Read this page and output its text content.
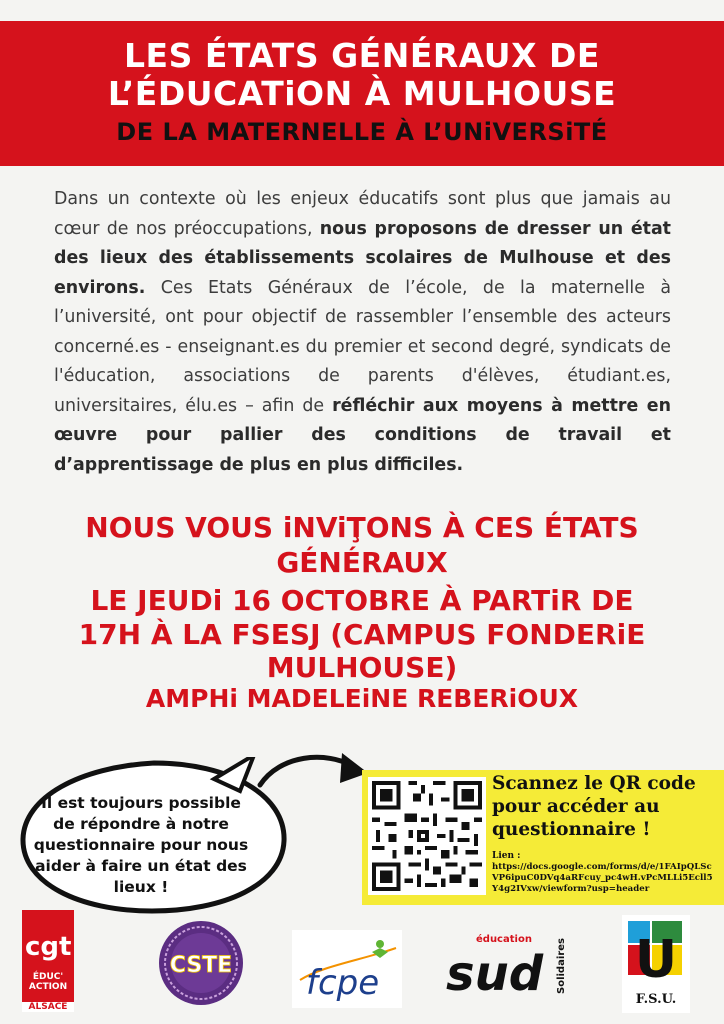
LES ÉTATS GÉNÉRAUX DE
L’ÉDUCATiON À MULHOUSE
DE LA MATERNELLE À L’UNiVERSiTÉ
Dans un contexte où les enjeux éducatifs sont plus que jamais au cœur de nos préoccupations, nous proposons de dresser un état des lieux des établissements scolaires de Mulhouse et des environs. Ces Etats Généraux de l’école, de la maternelle à l’université, ont pour objectif de rassembler l’ensemble des acteurs concerné.es - enseignant.es du premier et second degré, syndicats de l'éducation, associations de parents d'élèves, étudiant.es, universitaires, élu.es – afin de réfléchir aux moyens à mettre en œuvre pour pallier des conditions de travail et d’apprentissage de plus en plus difficiles.
NOUS VOUS iNViŢONS À CES ÉTATS
GÉNÉRAUX
LE JEUDi 16 OCTOBRE À PARTiR DE
17H À LA FSESJ (CAMPUS FONDERiE
MULHOUSE)
AMPHi MADELEiNE REBERiOUX
Il est toujours possible de répondre à notre questionnaire pour nous aider à faire un état des lieux !
Scannez le QR code pour accéder au questionnaire !
Lien :
https://docs.google.com/forms/d/e/1FAIpQLScVP6ipuC0DVq4aRFcuy_pc4wH.vPcMLLi5Ecll5Y4g2IVxw/viewform?usp=header
cgt
ÉDUC' ACTION
ALSACE
CSTE fcpe
éducation
sud Solidaires U
F.S.U.
